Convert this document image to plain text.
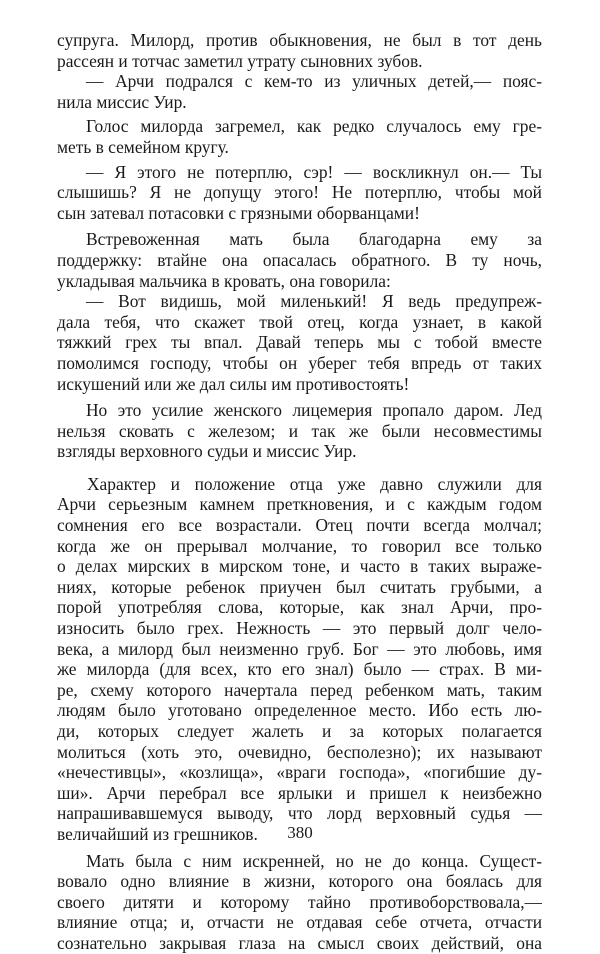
супруга. Милорд, против обыкновения, не был в тот день
рассеян и тотчас заметил утрату сыновних зубов.
— Арчи подрался с кем-то из уличных детей,— пояс-
нила миссис Уир.
Голос милорда загремел, как редко случалось ему гре-
меть в семейном кругу.
— Я этого не потерплю, сэр! — воскликнул он.— Ты
слышишь? Я не допущу этого! Не потерплю, чтобы мой
сын затевал потасовки с грязными оборванцами!
Встревоженная мать была благодарна ему за
поддержку: втайне она опасалась обратного. В ту ночь,
укладывая мальчика в кровать, она говорила:
— Вот видишь, мой миленький! Я ведь предупреж-
дала тебя, что скажет твой отец, когда узнает, в какой
тяжкий грех ты впал. Давай теперь мы с тобой вместе
помолимся господу, чтобы он уберег тебя впредь от таких
искушений или же дал силы им противостоять!
Но это усилие женского лицемерия пропало даром. Лед
нельзя сковать с железом; и так же были несовместимы
взгляды верховного судьи и миссис Уир.
Характер и положение отца уже давно служили для
Арчи серьезным камнем преткновения, и с каждым годом
сомнения его все возрастали. Отец почти всегда молчал;
когда же он прерывал молчание, то говорил все только
о делах мирских в мирском тоне, и часто в таких выраже-
ниях, которые ребенок приучен был считать грубыми, а
порой употребляя слова, которые, как знал Арчи, про-
износить было грех. Нежность — это первый долг чело-
века, а милорд был неизменно груб. Бог — это любовь, имя
же милорда (для всех, кто его знал) было — страх. В ми-
ре, схему которого начертала перед ребенком мать, таким
людям было уготовано определенное место. Ибо есть лю-
ди, которых следует жалеть и за которых полагается
молиться (хоть это, очевидно, бесполезно); их называют
«нечестивцы», «козлища», «враги господа», «погибшие ду-
ши». Арчи перебрал все ярлыки и пришел к неизбежно
напрашивавшемуся выводу, что лорд верховный судья —
величайший из грешников.
Мать была с ним искренней, но не до конца. Сущест-
вовало одно влияние в жизни, которого она боялась для
своего дитяти и которому тайно противоборствовала,—
влияние отца; и, отчасти не отдавая себе отчета, отчасти
сознательно закрывая глаза на смысл своих действий, она
380
